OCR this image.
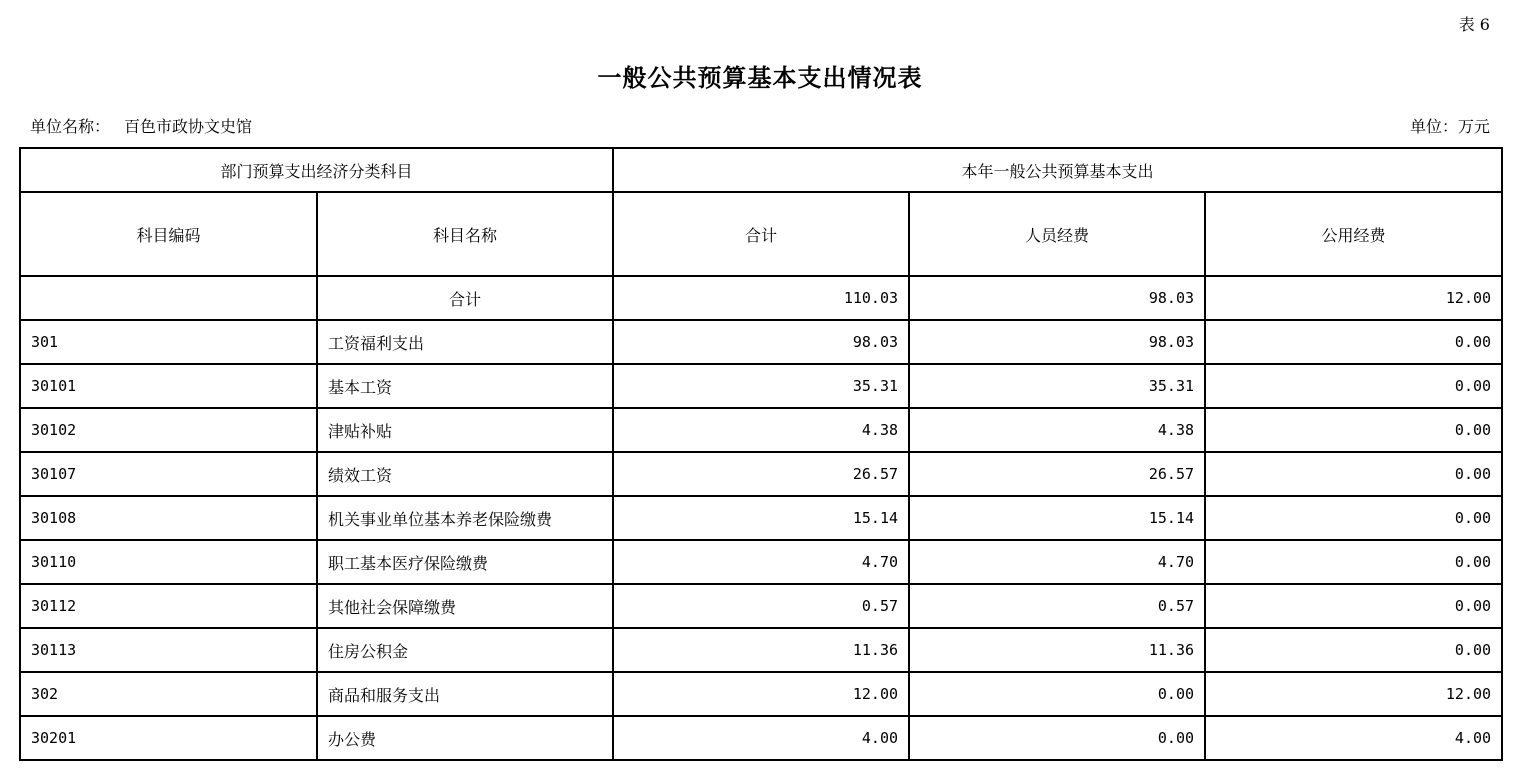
表 6
一般公共预算基本支出情况表
单位名称： 百色市政协文史馆	单位：万元
部门预算支出经济分类科目		本年一般公共预算基本支出		
科目编码	科目名称	合计	人员经费	公用经费
	合计	110.03	98.03	12.00
301	工资福利支出	98.03	98.03	0.00
30101	基本工资	35.31	35.31	0.00
30102	津贴补贴	4.38	4.38	0.00
30107	绩效工资	26.57	26.57	0.00
30108	机关事业单位基本养老保险缴费	15.14	15.14	0.00
30110	职工基本医疗保险缴费	4.70	4.70	0.00
30112	其他社会保障缴费	0.57	0.57	0.00
30113	住房公积金	11.36	11.36	0.00
302	商品和服务支出	12.00	0.00	12.00
30201	办公费	4.00	0.00	4.00
